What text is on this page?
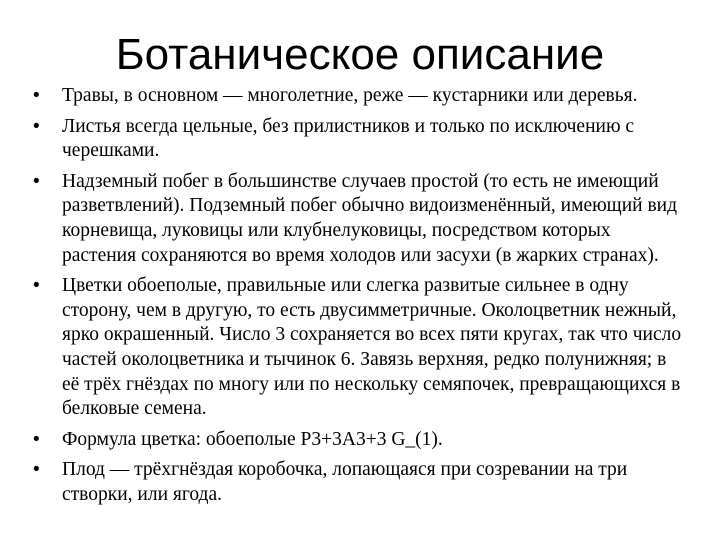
Ботаническое описание
• Травы, в основном — многолетние, реже — кустарники или деревья.
• Листья всегда цельные, без прилистников и только по исключению с черешками.
• Надземный побег в большинстве случаев простой (то есть не имеющий разветвлений). Подземный побег обычно видоизменённый, имеющий вид корневища, луковицы или клубнелуковицы, посредством которых растения сохраняются во время холодов или засухи (в жарких странах).
• Цветки обоеполые, правильные или слегка развитые сильнее в одну сторону, чем в другую, то есть двусимметричные. Околоцветник нежный, ярко окрашенный. Число 3 сохраняется во всех пяти кругах, так что число частей околоцветника и тычинок 6. Завязь верхняя, редко полунижняя; в её трёх гнёздах по многу или по нескольку семяпочек, превращающихся в белковые семена.
• Формула цветка: обоеполые P3+3A3+3 G_(1).
• Плод — трёхгнёздая коробочка, лопающаяся при созревании на три створки, или ягода.
